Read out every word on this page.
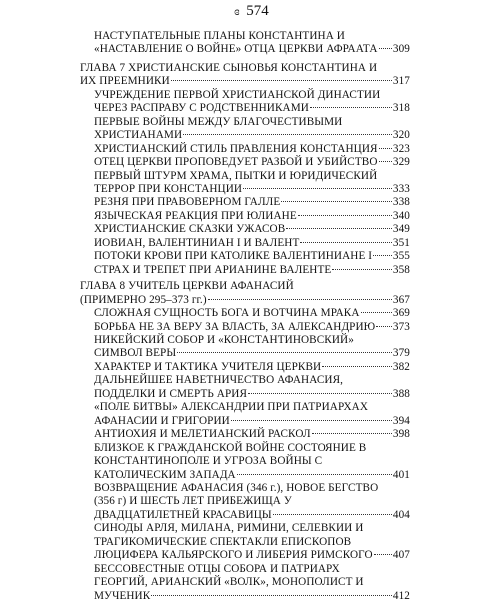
ɞ 574
НАСТУПАТЕЛЬНЫЕ ПЛАНЫ КОНСТАНТИНА И
«НАСТАВЛЕНИЕ О ВОЙНЕ» ОТЦА ЦЕРКВИ АФРААТА 309
ГЛАВА 7 ХРИСТИАНСКИЕ СЫНОВЬЯ КОНСТАНТИНА И
ИХ ПРЕЕМНИКИ	317
УЧРЕЖДЕНИЕ ПЕРВОЙ ХРИСТИАНСКОЙ ДИНАСТИИ
ЧЕРЕЗ РАСПРАВУ С РОДСТВЕННИКАМИ	318
ПЕРВЫЕ ВОЙНЫ МЕЖДУ БЛАГОЧЕСТИВЫМИ
ХРИСТИАНАМИ	320
ХРИСТИАНСКИЙ СТИЛЬ ПРАВЛЕНИЯ КОНСТАНЦИЯ 323
ОТЕЦ ЦЕРКВИ ПРОПОВЕДУЕТ РАЗБОЙ И УБИЙСТВО 329
ПЕРВЫЙ ШТУРМ ХРАМА, ПЫТКИ И ЮРИДИЧЕСКИЙ
ТЕРРОР ПРИ КОНСТАНЦИИ	333
РЕЗНЯ ПРИ ПРАВОВЕРНОМ ГАЛЛЕ	338
ЯЗЫЧЕСКАЯ РЕАКЦИЯ ПРИ ЮЛИАНЕ	340
ХРИСТИАНСКИЕ СКАЗКИ УЖАСОВ	349
ИОВИАН, ВАЛЕНТИНИАН I И ВАЛЕНТ	351
ПОТОКИ КРОВИ ПРИ КАТОЛИКЕ ВАЛЕНТИНИАНЕ I 355
СТРАХ И ТРЕПЕТ ПРИ АРИАНИНЕ ВАЛЕНТЕ	358
ГЛАВА 8 УЧИТЕЛЬ ЦЕРКВИ АФАНАСИЙ
(ПРИМЕРНО 295–373 гг.)	367
СЛОЖНАЯ СУЩНОСТЬ БОГА И ВОТЧИНА МРАКА	369
БОРЬБА НЕ ЗА ВЕРУ ЗА ВЛАСТЬ, ЗА АЛЕКСАНДРИЮ 373
НИКЕЙСКИЙ СОБОР И «КОНСТАНТИНОВСКИЙ»
СИМВОЛ ВЕРЫ	379
ХАРАКТЕР И ТАКТИКА УЧИТЕЛЯ ЦЕРКВИ	382
ДАЛЬНЕЙШЕЕ НАВЕТНИЧЕСТВО АФАНАСИЯ,
ПОДДЕЛКИ И СМЕРТЬ АРИЯ	388
«ПОЛЕ БИТВЫ» АЛЕКСАНДРИИ ПРИ ПАТРИАРХАХ
АФАНАСИИ И ГРИГОРИИ	394
АНТИОХИЯ И МЕЛЕТИАНСКИЙ РАСКОЛ	398
БЛИЗКОЕ К ГРАЖДАНСКОЙ ВОЙНЕ СОСТОЯНИЕ В
КОНСТАНТИНОПОЛЕ И УГРОЗА ВОЙНЫ С
КАТОЛИЧЕСКИМ ЗАПАДА	401
ВОЗВРАЩЕНИЕ АФАНАСИЯ (346 г.), НОВОЕ БЕГСТВО
(356 г) И ШЕСТЬ ЛЕТ ПРИБЕЖИЩА У
ДВАДЦАТИЛЕТНЕЙ КРАСАВИЦЫ	404
СИНОДЫ АРЛЯ, МИЛАНА, РИМИНИ, СЕЛЕВКИИ И
ТРАГИКОМИЧЕСКИЕ СПЕКТАКЛИ ЕПИСКОПОВ
ЛЮЦИФЕРА КАЛЬЯРСКОГО И ЛИБЕРИЯ РИМСКОГО 407
БЕССОВЕСТНЫЕ ОТЦЫ СОБОРА И ПАТРИАРХ
ГЕОРГИЙ, АРИАНСКИЙ «ВОЛК», МОНОПОЛИСТ И
МУЧЕНИК	412
